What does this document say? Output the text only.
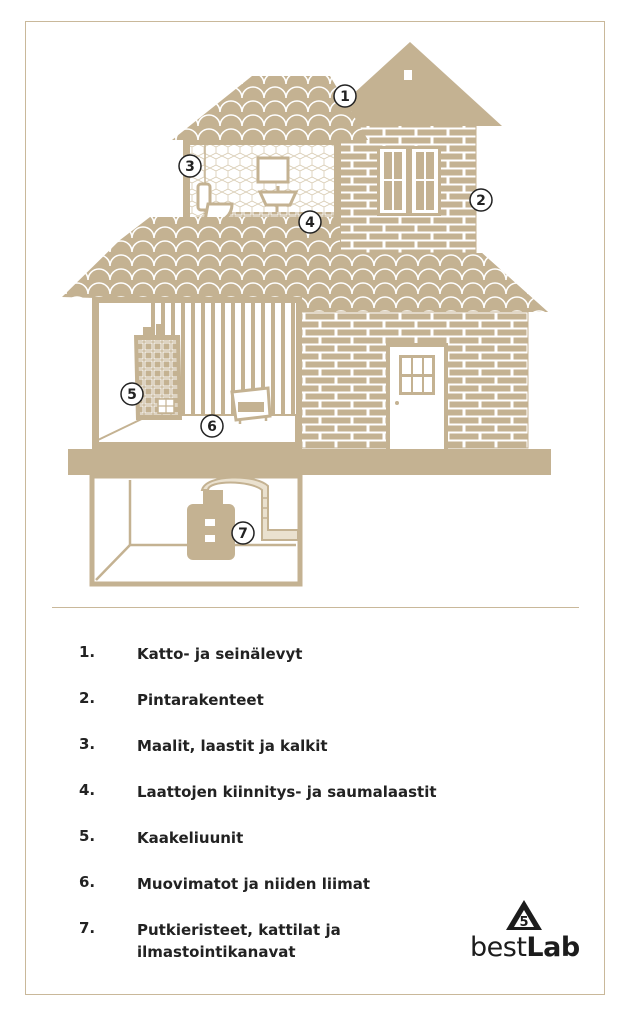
1
2
3
4
5
6
7
1.	Katto- ja seinälevyt
2.	Pintarakenteet
3.	Maalit, laastit ja kalkit
4.	Laattojen kiinnitys- ja saumalaastit
5.	Kaakeliuunit
6.	Muovimatot ja niiden liimat
7.	Putkieristeet, kattilat ja ilmastointikanavat
5
bestLab
